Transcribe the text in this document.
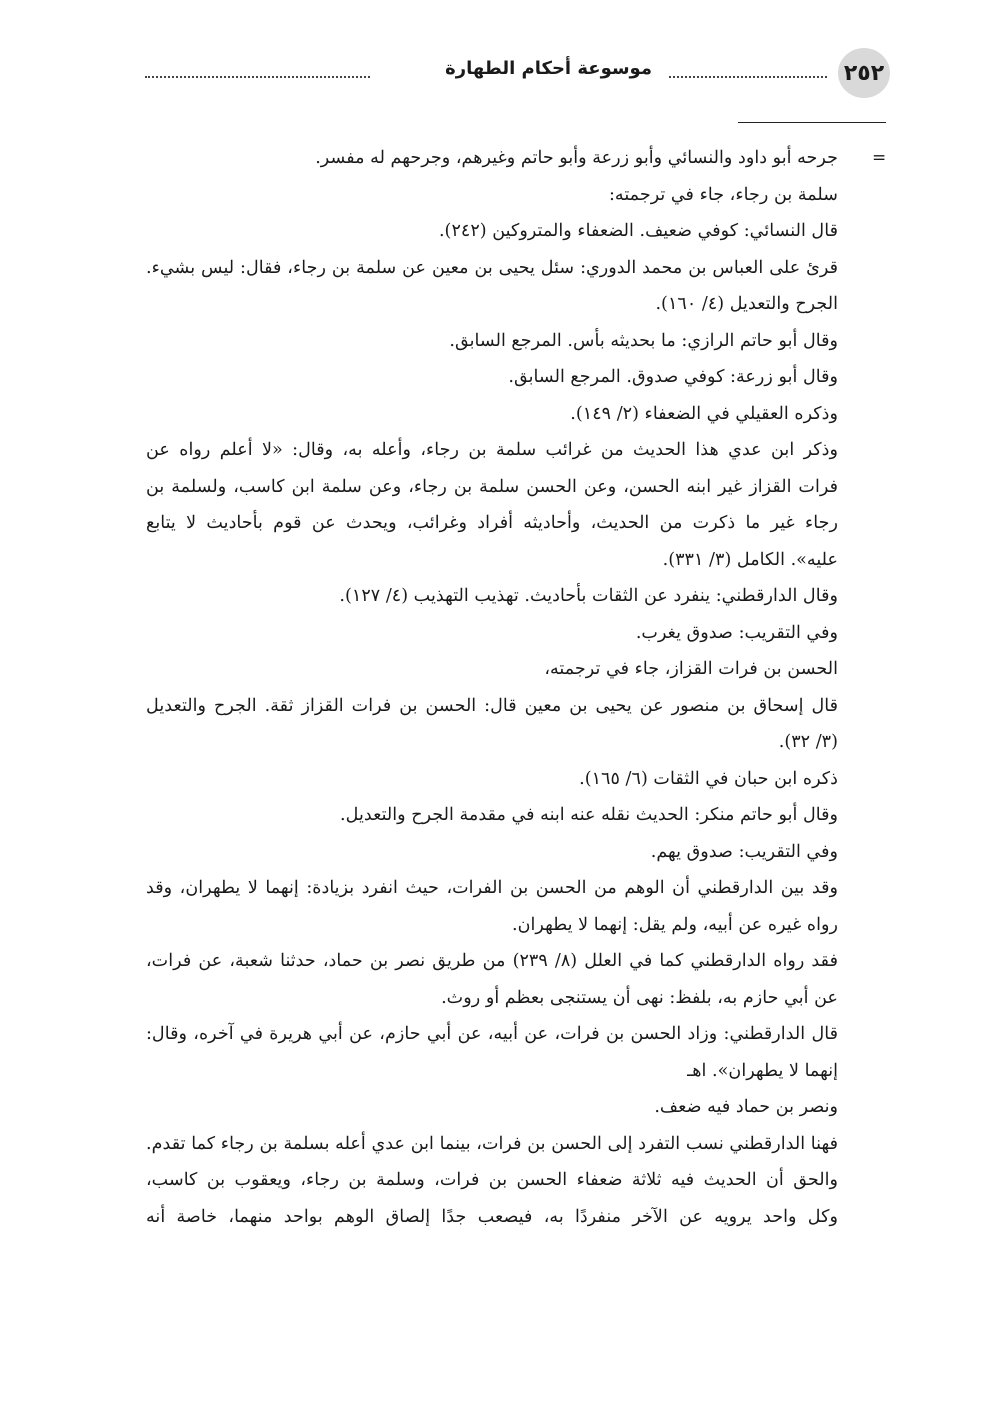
٢٥٢
موسوعة أحكام الطهارة
=
جرحه أبو داود والنسائي وأبو زرعة وأبو حاتم وغيرهم، وجرحهم له مفسر.
سلمة بن رجاء، جاء في ترجمته:
قال النسائي: كوفي ضعيف. الضعفاء والمتروكين (٢٤٢).
قرئ على العباس بن محمد الدوري: سئل يحيى بن معين عن سلمة بن رجاء، فقال: ليس بشيء.
الجرح والتعديل (٤/ ١٦٠).
وقال أبو حاتم الرازي: ما بحديثه بأس. المرجع السابق.
وقال أبو زرعة: كوفي صدوق. المرجع السابق.
وذكره العقيلي في الضعفاء (٢/ ١٤٩).
وذكر ابن عدي هذا الحديث من غرائب سلمة بن رجاء، وأعله به، وقال: «لا أعلم رواه عن
فرات القزاز غير ابنه الحسن، وعن الحسن سلمة بن رجاء، وعن سلمة ابن كاسب، ولسلمة بن
رجاء غير ما ذكرت من الحديث، وأحاديثه أفراد وغرائب، ويحدث عن قوم بأحاديث لا يتابع
عليه». الكامل (٣/ ٣٣١).
وقال الدارقطني: ينفرد عن الثقات بأحاديث. تهذيب التهذيب (٤/ ١٢٧).
وفي التقريب: صدوق يغرب.
الحسن بن فرات القزاز، جاء في ترجمته،
قال إسحاق بن منصور عن يحيى بن معين قال: الحسن بن فرات القزاز ثقة. الجرح والتعديل
(٣/ ٣٢).
ذكره ابن حبان في الثقات (٦/ ١٦٥).
وقال أبو حاتم منكر: الحديث نقله عنه ابنه في مقدمة الجرح والتعديل.
وفي التقريب: صدوق يهم.
وقد بين الدارقطني أن الوهم من الحسن بن الفرات، حيث انفرد بزيادة: إنهما لا يطهران، وقد
رواه غيره عن أبيه، ولم يقل: إنهما لا يطهران.
فقد رواه الدارقطني كما في العلل (٨/ ٢٣٩) من طريق نصر بن حماد، حدثنا شعبة، عن فرات،
عن أبي حازم به، بلفظ: نهى أن يستنجى بعظم أو روث.
قال الدارقطني: وزاد الحسن بن فرات، عن أبيه، عن أبي حازم، عن أبي هريرة في آخره، وقال:
إنهما لا يطهران». اهـ
ونصر بن حماد فيه ضعف.
فهنا الدارقطني نسب التفرد إلى الحسن بن فرات، بينما ابن عدي أعله بسلمة بن رجاء كما تقدم.
والحق أن الحديث فيه ثلاثة ضعفاء الحسن بن فرات، وسلمة بن رجاء، ويعقوب بن كاسب،
وكل واحد يرويه عن الآخر منفردًا به، فيصعب جدًا إلصاق الوهم بواحد منهما، خاصة أنه
